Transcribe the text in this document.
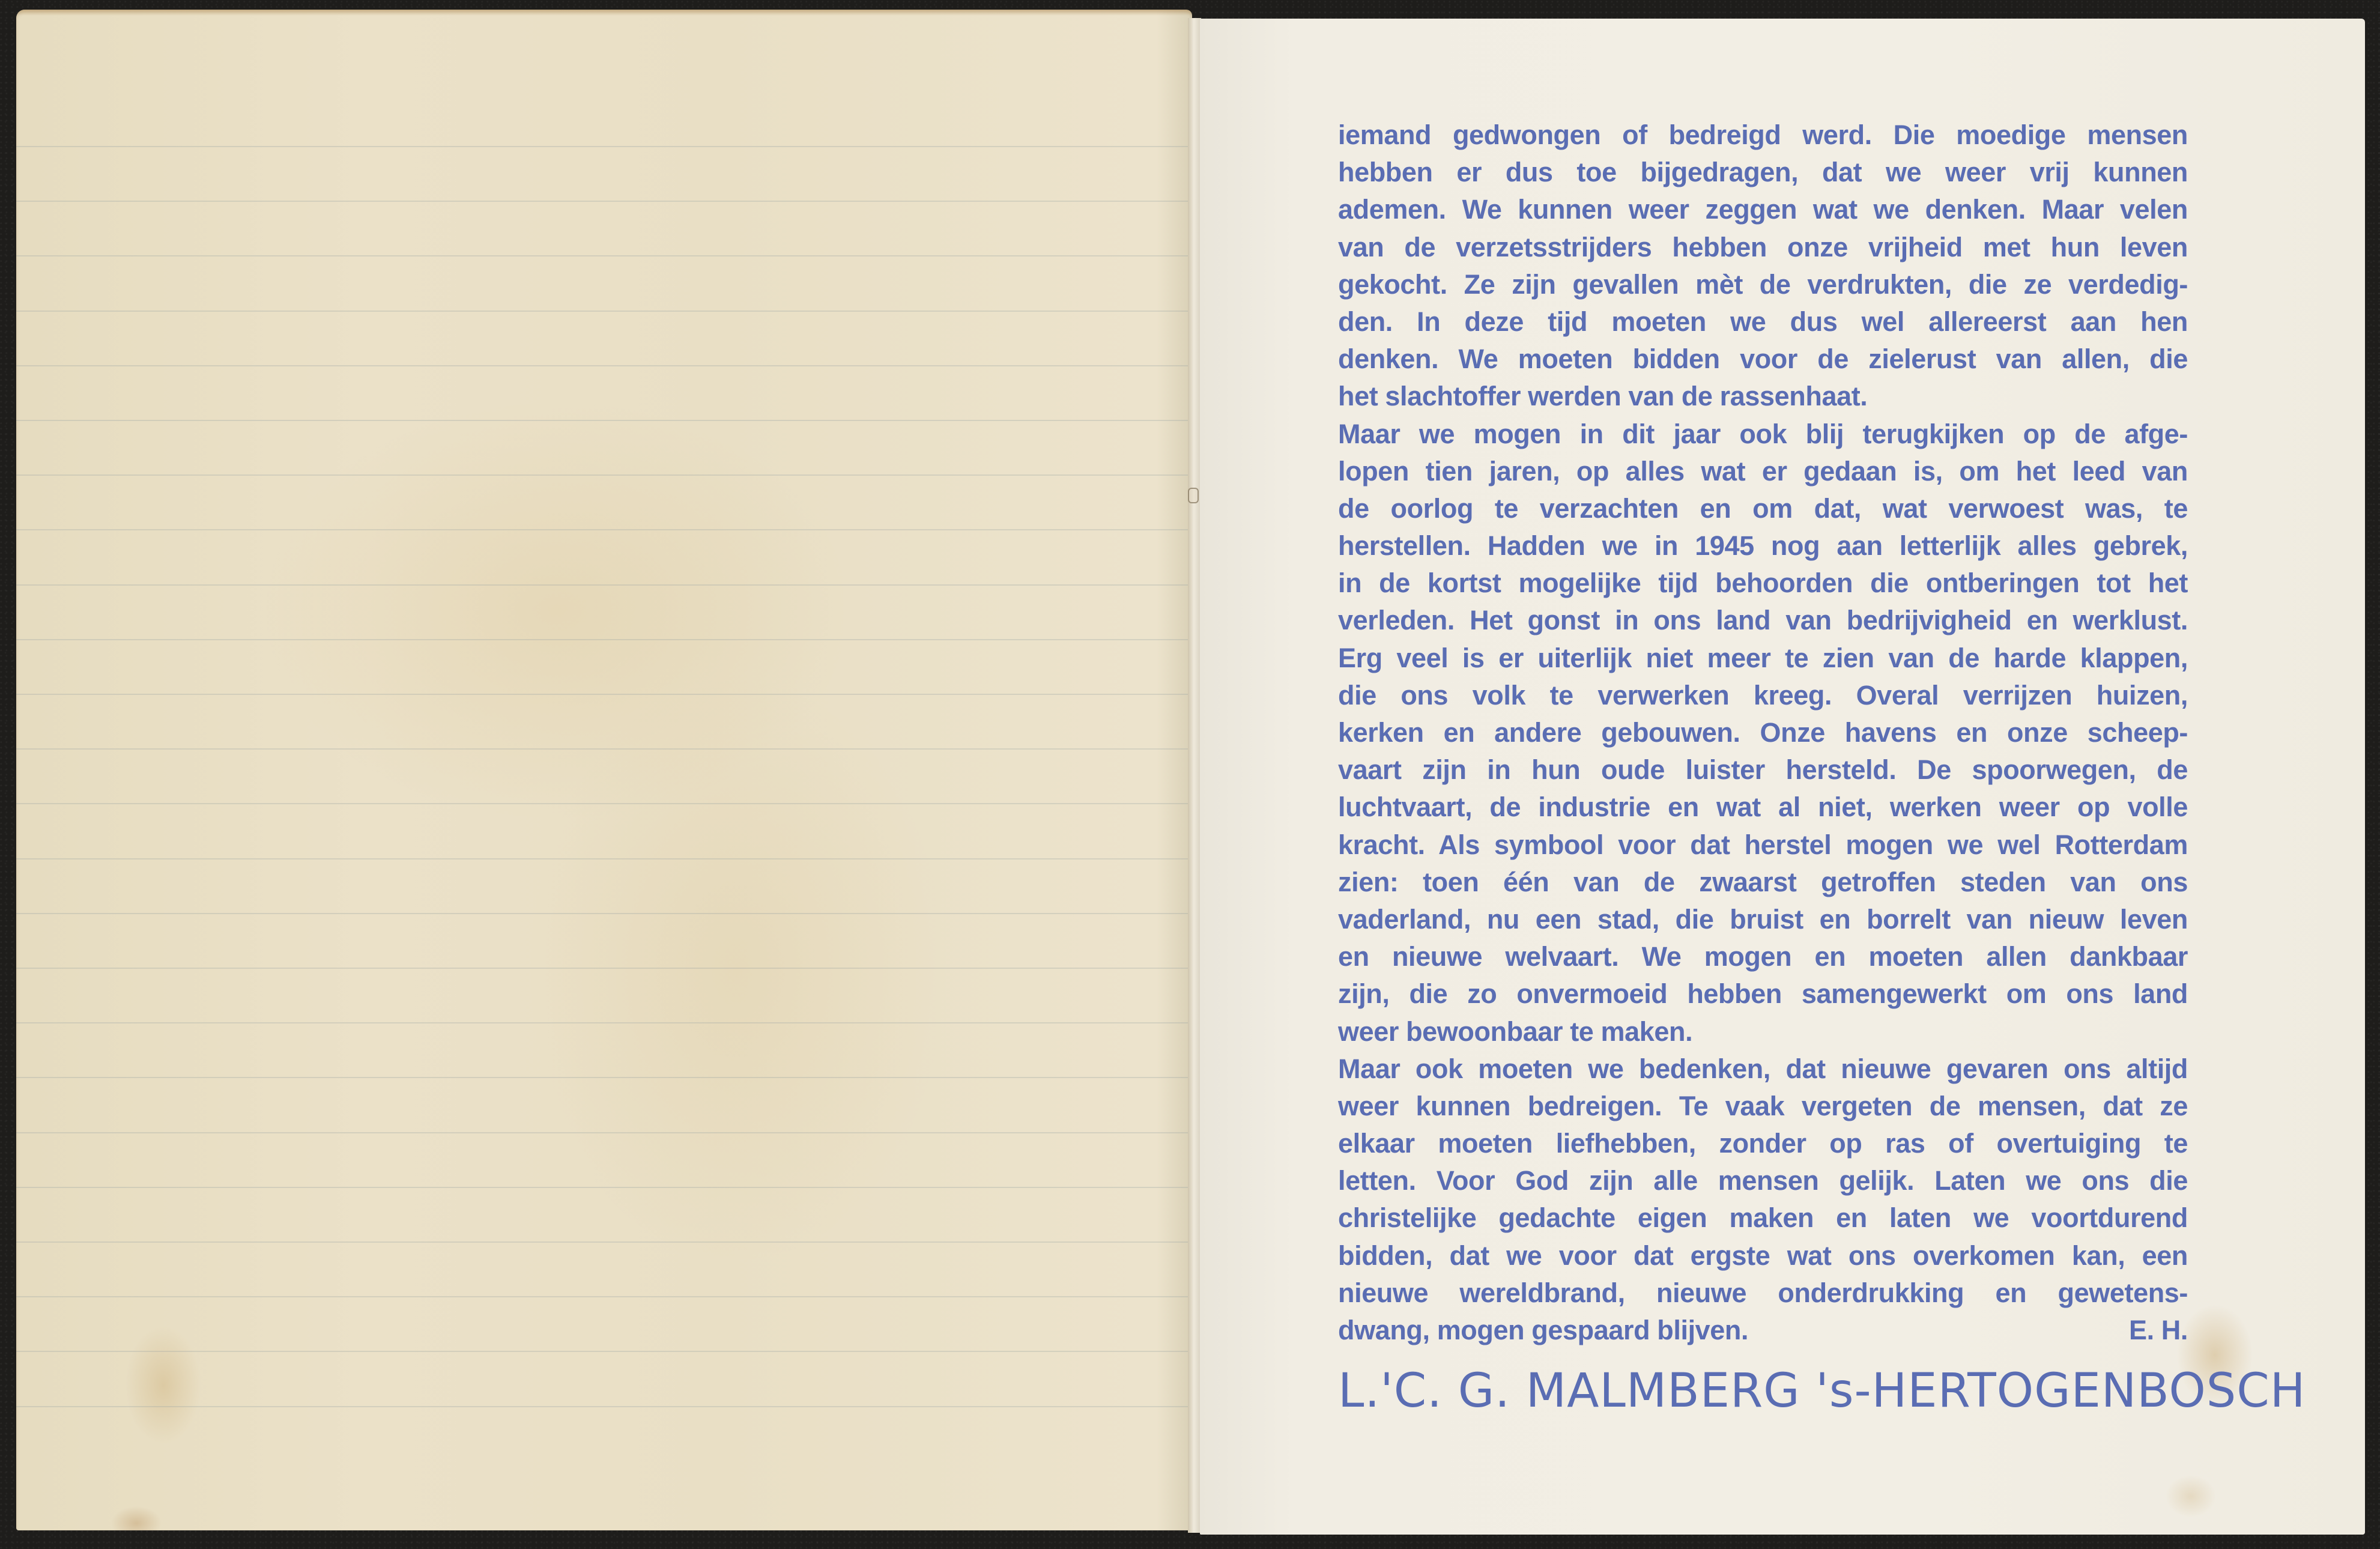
iemand gedwongen of bedreigd werd. Die moedige mensen
hebben er dus toe bijgedragen, dat we weer vrij kunnen
ademen. We kunnen weer zeggen wat we denken. Maar velen
van de verzetsstrijders hebben onze vrijheid met hun leven
gekocht. Ze zijn gevallen mèt de verdrukten, die ze verdedig-
den. In deze tijd moeten we dus wel allereerst aan hen
denken. We moeten bidden voor de zielerust van allen, die
het slachtoffer werden van de rassenhaat.
Maar we mogen in dit jaar ook blij terugkijken op de afge-
lopen tien jaren, op alles wat er gedaan is, om het leed van
de oorlog te verzachten en om dat, wat verwoest was, te
herstellen. Hadden we in 1945 nog aan letterlijk alles gebrek,
in de kortst mogelijke tijd behoorden die ontberingen tot het
verleden. Het gonst in ons land van bedrijvigheid en werklust.
Erg veel is er uiterlijk niet meer te zien van de harde klappen,
die ons volk te verwerken kreeg. Overal verrijzen huizen,
kerken en andere gebouwen. Onze havens en onze scheep-
vaart zijn in hun oude luister hersteld. De spoorwegen, de
luchtvaart, de industrie en wat al niet, werken weer op volle
kracht. Als symbool voor dat herstel mogen we wel Rotterdam
zien: toen één van de zwaarst getroffen steden van ons
vaderland, nu een stad, die bruist en borrelt van nieuw leven
en nieuwe welvaart. We mogen en moeten allen dankbaar
zijn, die zo onvermoeid hebben samengewerkt om ons land
weer bewoonbaar te maken.
Maar ook moeten we bedenken, dat nieuwe gevaren ons altijd
weer kunnen bedreigen. Te vaak vergeten de mensen, dat ze
elkaar moeten liefhebben, zonder op ras of overtuiging te
letten. Voor God zijn alle mensen gelijk. Laten we ons die
christelijke gedachte eigen maken en laten we voortdurend
bidden, dat we voor dat ergste wat ons overkomen kan, een
nieuwe wereldbrand, nieuwe onderdrukking en gewetens-
dwang, mogen gespaard blijven.	E. H.
L.'C. G. MALMBERG 's-HERTOGENBOSCH
